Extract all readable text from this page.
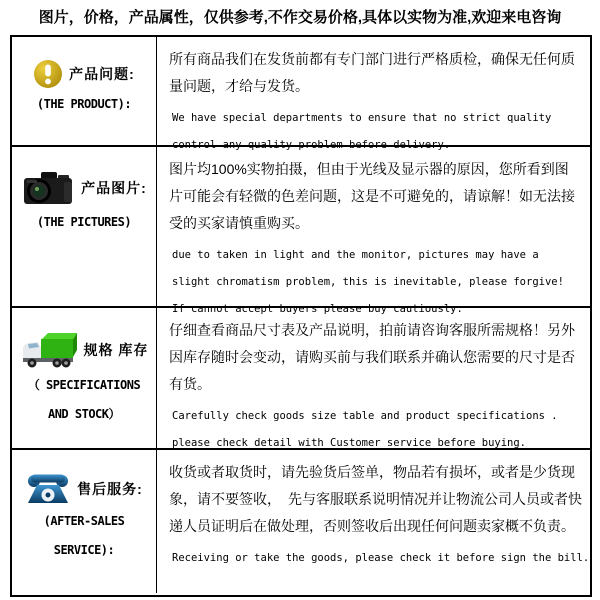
图片，价格，产品属性，仅供参考,不作交易价格,具体以实物为准,欢迎来电咨询
产品问题:
(THE PRODUCT):
所有商品我们在发货前都有专门部门进行严格质检，确保无任何质量问题，才给与发货。
We have special departments to ensure that no strict quality
control any quality problem before delivery.
产品图片:
(THE PICTURES)
图片均100%实物拍摄，但由于光线及显示器的原因，您所看到图片可能会有轻微的色差问题，这是不可避免的，请谅解！如无法接受的买家请慎重购买。
due to taken in light and the monitor, pictures may have a
slight chromatism problem, this is inevitable, please forgive!
If cannot accept buyers please buy cautiously.
规格 库存
（ SPECIFICATIONS
AND STOCK）
仔细查看商品尺寸表及产品说明，拍前请咨询客服所需规格！另外因库存随时会变动，请购买前与我们联系并确认您需要的尺寸是否有货。
Carefully check goods size table and product specifications .
please check detail with Customer service before buying.
售后服务:
(AFTER-SALES
SERVICE):
收货或者取货时，请先验货后签单，物品若有损坏，或者是少货现象，请不要签收，　先与客服联系说明情况并让物流公司人员或者快递人员证明后在做处理，否则签收后出现任何问题卖家概不负责。
Receiving or take the goods, please check it before sign the bill.
